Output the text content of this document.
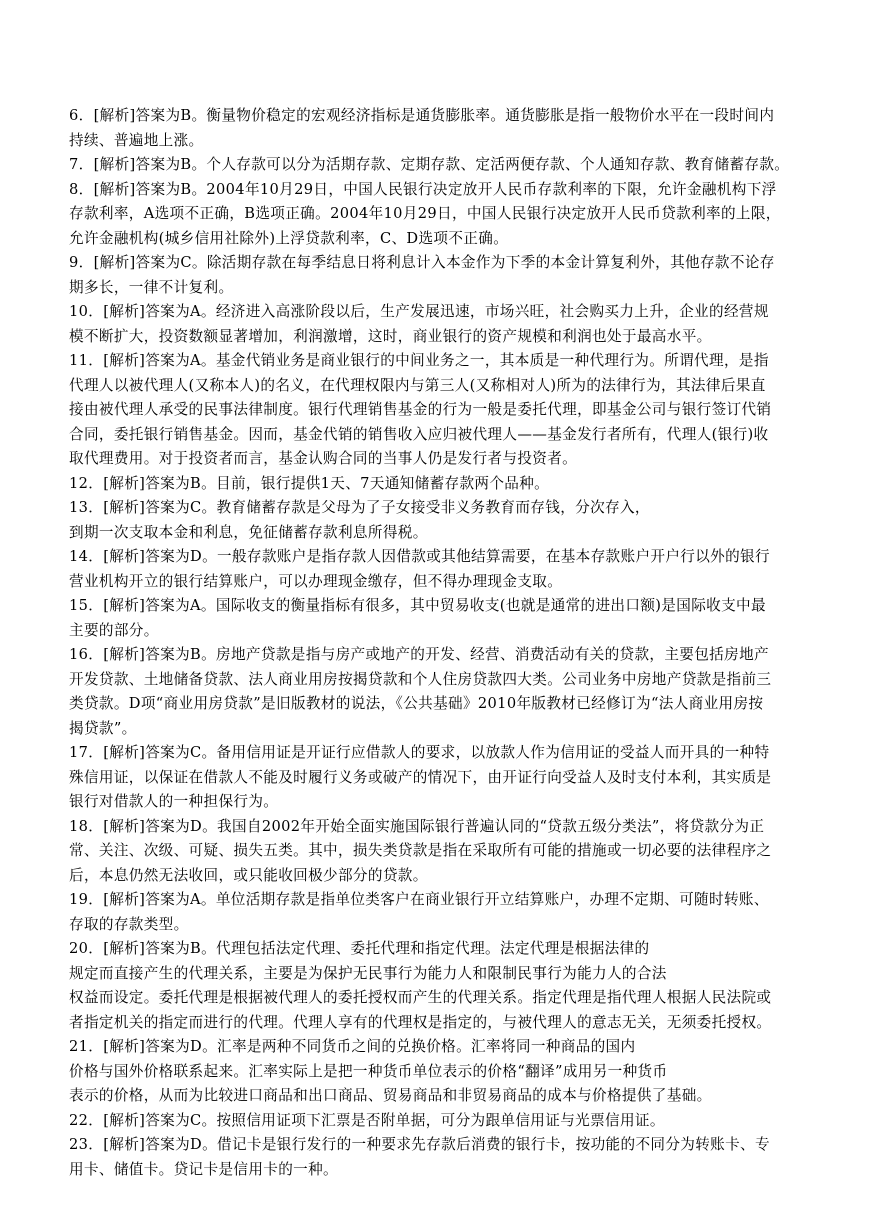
6．[解析]答案为B。衡量物价稳定的宏观经济指标是通货膨胀率。通货膨胀是指一般物价水平在一段时间内
持续、普遍地上涨。
7．[解析]答案为B。个人存款可以分为活期存款、定期存款、定活两便存款、个人通知存款、教育储蓄存款。
8．[解析]答案为B。2004年10月29日，中国人民银行决定放开人民币存款利率的下限，允许金融机构下浮
存款利率，A选项不正确，B选项正确。2004年10月29日，中国人民银行决定放开人民币贷款利率的上限，
允许金融机构(城乡信用社除外)上浮贷款利率，C、D选项不正确。
9．[解析]答案为C。除活期存款在每季结息日将利息计入本金作为下季的本金计算复利外，其他存款不论存
期多长，一律不计复利。
10．[解析]答案为A。经济进入高涨阶段以后，生产发展迅速，市场兴旺，社会购买力上升，企业的经营规
模不断扩大，投资数额显著增加，利润激增，这时，商业银行的资产规模和利润也处于最高水平。
11．[解析]答案为A。基金代销业务是商业银行的中间业务之一，其本质是一种代理行为。所谓代理，是指
代理人以被代理人(又称本人)的名义，在代理权限内与第三人(又称相对人)所为的法律行为，其法律后果直
接由被代理人承受的民事法律制度。银行代理销售基金的行为一般是委托代理，即基金公司与银行签订代销
合同，委托银行销售基金。因而，基金代销的销售收入应归被代理人——基金发行者所有，代理人(银行)收
取代理费用。对于投资者而言，基金认购合同的当事人仍是发行者与投资者。
12．[解析]答案为B。目前，银行提供1天、7天通知储蓄存款两个品种。
13．[解析]答案为C。教育储蓄存款是父母为了子女接受非义务教育而存钱，分次存入，
到期一次支取本金和利息，免征储蓄存款利息所得税。
14．[解析]答案为D。一般存款账户是指存款人因借款或其他结算需要，在基本存款账户开户行以外的银行
营业机构开立的银行结算账户，可以办理现金缴存，但不得办理现金支取。
15．[解析]答案为A。国际收支的衡量指标有很多，其中贸易收支(也就是通常的进出口额)是国际收支中最
主要的部分。
16．[解析]答案为B。房地产贷款是指与房产或地产的开发、经营、消费活动有关的贷款，主要包括房地产
开发贷款、土地储备贷款、法人商业用房按揭贷款和个人住房贷款四大类。公司业务中房地产贷款是指前三
类贷款。D项“商业用房贷款”是旧版教材的说法，《公共基础》2010年版教材已经修订为“法人商业用房按
揭贷款”。
17．[解析]答案为C。备用信用证是开证行应借款人的要求，以放款人作为信用证的受益人而开具的一种特
殊信用证，以保证在借款人不能及时履行义务或破产的情况下，由开证行向受益人及时支付本利，其实质是
银行对借款人的一种担保行为。
18．[解析]答案为D。我国自2002年开始全面实施国际银行普遍认同的“贷款五级分类法”，将贷款分为正
常、关注、次级、可疑、损失五类。其中，损失类贷款是指在采取所有可能的措施或一切必要的法律程序之
后，本息仍然无法收回，或只能收回极少部分的贷款。
19．[解析]答案为A。单位活期存款是指单位类客户在商业银行开立结算账户，办理不定期、可随时转账、
存取的存款类型。
20．[解析]答案为B。代理包括法定代理、委托代理和指定代理。法定代理是根据法律的
规定而直接产生的代理关系，主要是为保护无民事行为能力人和限制民事行为能力人的合法
权益而设定。委托代理是根据被代理人的委托授权而产生的代理关系。指定代理是指代理人根据人民法院或
者指定机关的指定而进行的代理。代理人享有的代理权是指定的，与被代理人的意志无关，无须委托授权。
21．[解析]答案为D。汇率是两种不同货币之间的兑换价格。汇率将同一种商品的国内
价格与国外价格联系起来。汇率实际上是把一种货币单位表示的价格“翻译”成用另一种货币
表示的价格，从而为比较进口商品和出口商品、贸易商品和非贸易商品的成本与价格提供了基础。
22．[解析]答案为C。按照信用证项下汇票是否附单据，可分为跟单信用证与光票信用证。
23．[解析]答案为D。借记卡是银行发行的一种要求先存款后消费的银行卡，按功能的不同分为转账卡、专
用卡、储值卡。贷记卡是信用卡的一种。
